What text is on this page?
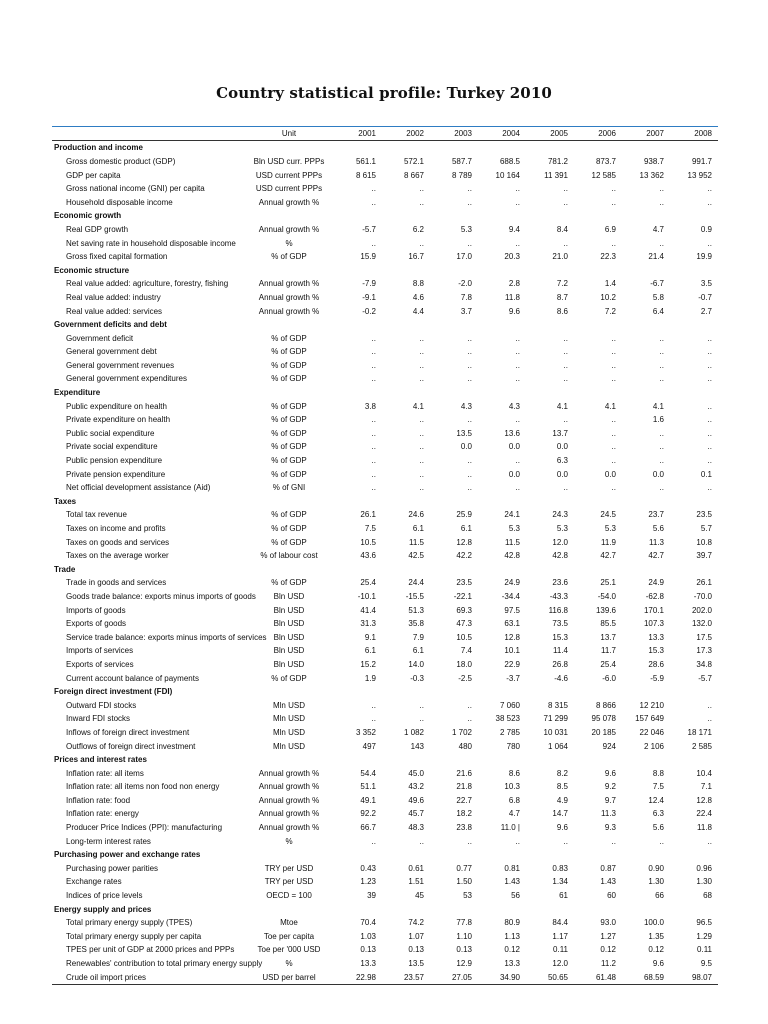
Country statistical profile: Turkey 2010
	Unit	2001	2002	2003	2004	2005	2006	2007	2008
Production and income									
Gross domestic product (GDP)	Bln USD curr. PPPs	561.1	572.1	587.7	688.5	781.2	873.7	938.7	991.7
GDP per capita	USD current PPPs	8 615	8 667	8 789	10 164	11 391	12 585	13 362	13 952
Gross national income (GNI) per capita	USD current PPPs	..	..	..	..	..	..	..	..
Household disposable income	Annual growth %	..	..	..	..	..	..	..	..
Economic growth									
Real GDP growth	Annual growth %	-5.7	6.2	5.3	9.4	8.4	6.9	4.7	0.9
Net saving rate in household disposable income	%	..	..	..	..	..	..	..	..
Gross fixed capital formation	% of GDP	15.9	16.7	17.0	20.3	21.0	22.3	21.4	19.9
Economic structure									
Real value added: agriculture, forestry, fishing	Annual growth %	-7.9	8.8	-2.0	2.8	7.2	1.4	-6.7	3.5
Real value added: industry	Annual growth %	-9.1	4.6	7.8	11.8	8.7	10.2	5.8	-0.7
Real value added: services	Annual growth %	-0.2	4.4	3.7	9.6	8.6	7.2	6.4	2.7
Government deficits and debt									
Government deficit	% of GDP	..	..	..	..	..	..	..	..
General government debt	% of GDP	..	..	..	..	..	..	..	..
General government revenues	% of GDP	..	..	..	..	..	..	..	..
General government expenditures	% of GDP	..	..	..	..	..	..	..	..
Expenditure									
Public expenditure on health	% of GDP	3.8	4.1	4.3	4.3	4.1	4.1	4.1	..
Private expenditure on health	% of GDP	..	..	..	..	..	..	1.6	..
Public social expenditure	% of GDP	..	..	13.5	13.6	13.7	..	..	..
Private social expenditure	% of GDP	..	..	0.0	0.0	0.0	..	..	..
Public pension expenditure	% of GDP	..	..	..	..	6.3	..	..	..
Private pension expenditure	% of GDP	..	..	..	0.0	0.0	0.0	0.0	0.1
Net official development assistance (Aid)	% of GNI	..	..	..	..	..	..	..	..
Taxes									
Total tax revenue	% of GDP	26.1	24.6	25.9	24.1	24.3	24.5	23.7	23.5
Taxes on income and profits	% of GDP	7.5	6.1	6.1	5.3	5.3	5.3	5.6	5.7
Taxes on goods and services	% of GDP	10.5	11.5	12.8	11.5	12.0	11.9	11.3	10.8
Taxes on the average worker	% of labour cost	43.6	42.5	42.2	42.8	42.8	42.7	42.7	39.7
Trade									
Trade in goods and services	% of GDP	25.4	24.4	23.5	24.9	23.6	25.1	24.9	26.1
Goods trade balance: exports minus imports of goods	Bln USD	-10.1	-15.5	-22.1	-34.4	-43.3	-54.0	-62.8	-70.0
Imports of goods	Bln USD	41.4	51.3	69.3	97.5	116.8	139.6	170.1	202.0
Exports of goods	Bln USD	31.3	35.8	47.3	63.1	73.5	85.5	107.3	132.0
Service trade balance: exports minus imports of services	Bln USD	9.1	7.9	10.5	12.8	15.3	13.7	13.3	17.5
Imports of services	Bln USD	6.1	6.1	7.4	10.1	11.4	11.7	15.3	17.3
Exports of services	Bln USD	15.2	14.0	18.0	22.9	26.8	25.4	28.6	34.8
Current account balance of payments	% of GDP	1.9	-0.3	-2.5	-3.7	-4.6	-6.0	-5.9	-5.7
Foreign direct investment (FDI)									
Outward FDI stocks	Mln USD	..	..	..	7 060	8 315	8 866	12 210	..
Inward FDI stocks	Mln USD	..	..	..	38 523	71 299	95 078	157 649	..
Inflows of foreign direct investment	Mln USD	3 352	1 082	1 702	2 785	10 031	20 185	22 046	18 171
Outflows of foreign direct investment	Mln USD	497	143	480	780	1 064	924	2 106	2 585
Prices and interest rates									
Inflation rate: all items	Annual growth %	54.4	45.0	21.6	8.6	8.2	9.6	8.8	10.4
Inflation rate: all items non food non energy	Annual growth %	51.1	43.2	21.8	10.3	8.5	9.2	7.5	7.1
Inflation rate: food	Annual growth %	49.1	49.6	22.7	6.8	4.9	9.7	12.4	12.8
Inflation rate: energy	Annual growth %	92.2	45.7	18.2	4.7	14.7	11.3	6.3	22.4
Producer Price Indices (PPI): manufacturing	Annual growth %	66.7	48.3	23.8	11.0 |	9.6	9.3	5.6	11.8
Long-term interest rates	%	..	..	..	..	..	..	..	..
Purchasing power and exchange rates									
Purchasing power parities	TRY per USD	0.43	0.61	0.77	0.81	0.83	0.87	0.90	0.96
Exchange rates	TRY per USD	1.23	1.51	1.50	1.43	1.34	1.43	1.30	1.30
Indices of price levels	OECD = 100	39	45	53	56	61	60	66	68
Energy supply and prices									
Total primary energy supply (TPES)	Mtoe	70.4	74.2	77.8	80.9	84.4	93.0	100.0	96.5
Total primary energy supply per capita	Toe per capita	1.03	1.07	1.10	1.13	1.17	1.27	1.35	1.29
TPES per unit of GDP at 2000 prices and PPPs	Toe per '000 USD	0.13	0.13	0.13	0.12	0.11	0.12	0.12	0.11
Renewables' contribution to total primary energy supply	%	13.3	13.5	12.9	13.3	12.0	11.2	9.6	9.5
Crude oil import prices	USD per barrel	22.98	23.57	27.05	34.90	50.65	61.48	68.59	98.07
